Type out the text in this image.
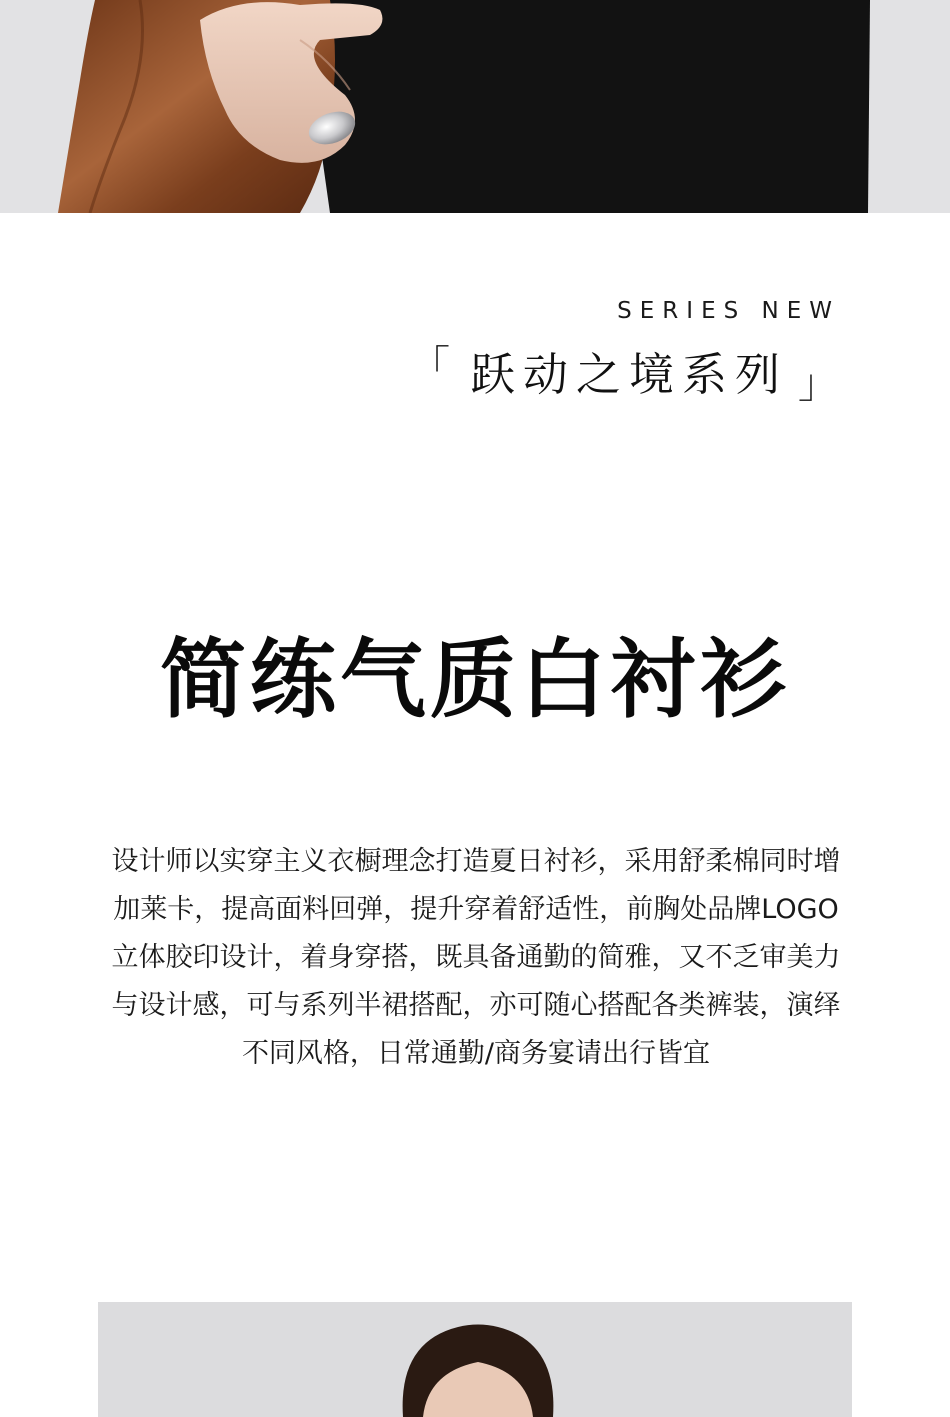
SERIES NEW
「 跃动之境系列 」
简练气质白衬衫
设计师以实穿主义衣橱理念打造夏日衬衫，采用舒柔棉同时增加莱卡，提高面料回弹，提升穿着舒适性，前胸处品牌LOGO立体胶印设计，着身穿搭，既具备通勤的简雅，又不乏审美力与设计感，可与系列半裙搭配，亦可随心搭配各类裤装，演绎不同风格，日常通勤/商务宴请出行皆宜
